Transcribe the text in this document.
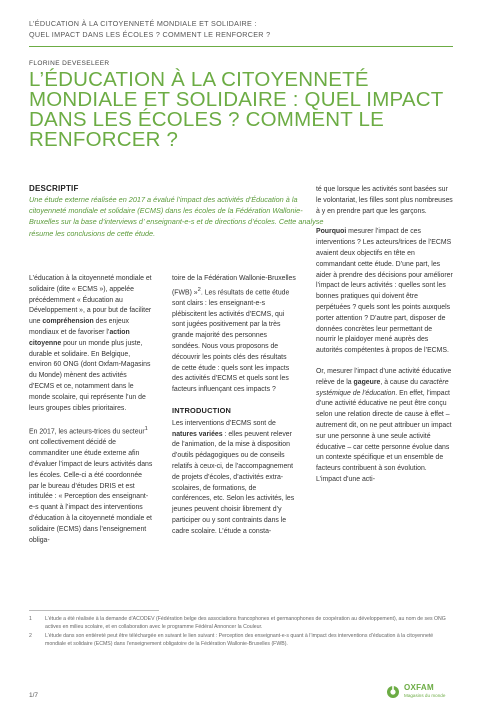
L’ÉDUCATION À LA CITOYENNETÉ MONDIALE ET SOLIDAIRE :
QUEL IMPACT DANS LES ÉCOLES ? COMMENT LE RENFORCER ?
FLORINE DEVESELEER
L’ÉDUCATION À LA CITOYENNETÉ MONDIALE ET SOLIDAIRE : QUEL IMPACT DANS LES ÉCOLES ? COMMENT LE RENFORCER ?
DESCRIPTIF
Une étude externe réalisée en 2017 a évalué l’impact des activités d’Éducation à la citoyenneté mondiale et solidaire (ECMS) dans les écoles de la Fédération Wallonie-Bruxelles sur la base d’interviews d’ enseignant-e-s et de directions d’écoles. Cette analyse résume les conclusions de cette étude.

L’éducation à la citoyenneté mondiale et solidaire (dite « ECMS »), appelée précédemment « Éducation au Développement », a pour but de faciliter une compréhension des enjeux mondiaux et de favoriser l’action citoyenne pour un monde plus juste, durable et solidaire. En Belgique, environ 60 ONG (dont Oxfam-Magasins du Monde) mènent des activités d’ECMS et ce, notamment dans le monde scolaire, qui représente l’un de leurs groupes cibles prioritaires.

En 2017, les acteurs-trices du secteur$^1$ ont collectivement décidé de commanditer une étude externe afin d’évaluer l’impact de leurs activités dans les écoles. Celle-ci a été coordonnée par le bureau d’études DRIS et est intitulée : « Perception des enseignant-e-s quant à l’impact des interventions d’éducation à la citoyenneté mondiale et solidaire (ECMS) dans l’enseignement obliga-

toire de la Fédération Wallonie-Bruxelles (FWB) »$^2$. Les résultats de cette étude sont clairs : les enseignant-e-s plébiscitent les activités d’ECMS, qui sont jugées positivement par la très grande majorité des personnes sondées. Nous vous proposons de découvrir les points clés des résultats de cette étude : quels sont les impacts des activités d’ECMS et quels sont les facteurs influençant ces impacts ?

INTRODUCTION

Les interventions d’ECMS sont de natures variées : elles peuvent relever de l’animation, de la mise à disposition d’outils pédagogiques ou de conseils relatifs à ceux-ci, de l’accompagnement de projets d’écoles, d’activités extra-scolaires, de formations, de conférences, etc. Selon les activités, les jeunes peuvent choisir librement d’y participer ou y sont contraints dans le cadre scolaire. L’étude a consta-

té que lorsque les activités sont basées sur le volontariat, les filles sont plus nombreuses à y en prendre part que les garçons.

Pourquoi mesurer l’impact de ces interventions ? Les acteurs/trices de l’ECMS avaient deux objectifs en tête en commandant cette étude. D’une part, les aider à prendre des décisions pour améliorer l’impact de leurs activités : quelles sont les bonnes pratiques qui doivent être perpétuées ? quels sont les points auxquels porter attention ? D’autre part, disposer de données concrètes leur permettant de nourrir le plaidoyer mené auprès des autorités compétentes à propos de l’ECMS.

Or, mesurer l’impact d’une activité éducative relève de la gageure, à cause du caractère systémique de l’éducation. En effet, l’impact d’une activité éducative ne peut être conçu selon une relation directe de cause à effet – autrement dit, on ne peut attribuer un impact sur une personne à une seule activité éducative – car cette personne évolue dans un contexte spécifique et un ensemble de facteurs contribuent à son évolution. L’impact d’une acti-

1	L’étude a été réalisée à la demande d’ACODEV (Fédération belge des associations francophones et germanophones de coopération au développement), au nom de ses ONG actives en milieu scolaire, et en collaboration avec le programme Fédéral Annoncer la Couleur.
2	L’étude dans son entièreté peut être téléchargée en suivant le lien suivant : Perception des enseignant-e-s quant à l’impact des interventions d’éducation à la citoyenneté mondiale et solidaire (ECMS) dans l’enseignement obligatoire de la Fédération Wallonie-Bruxelles (FWB).
1/7
OXFAM
Magasins du monde
